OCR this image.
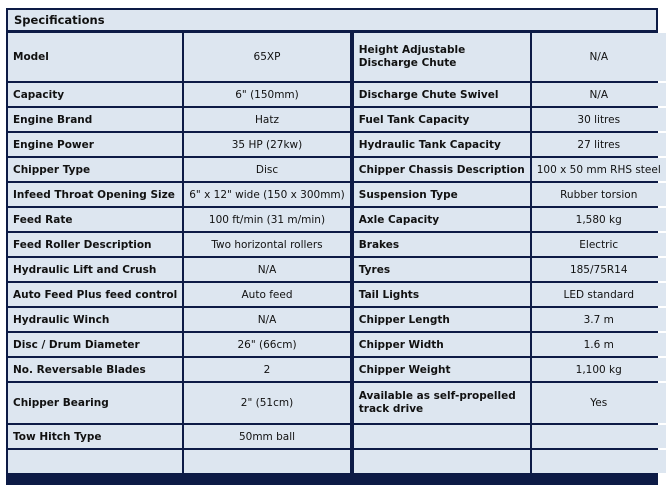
Specifications
Model	65XP		Height Adjustable Discharge Chute	N/A
Capacity	6" (150mm)		Discharge Chute Swivel	N/A
Engine Brand	Hatz		Fuel Tank Capacity	30 litres
Engine Power	35 HP (27kw)		Hydraulic Tank Capacity	27 litres
Chipper Type	Disc		Chipper Chassis Description	100 x 50 mm RHS steel
Infeed Throat Opening Size	6" x 12" wide (150 x 300mm)		Suspension Type	Rubber torsion
Feed Rate	100 ft/min (31 m/min)		Axle Capacity	1,580 kg
Feed Roller Description	Two horizontal rollers		Brakes	Electric
Hydraulic Lift and Crush	N/A		Tyres	185/75R14
Auto Feed Plus feed control	Auto feed		Tail Lights	LED standard
Hydraulic Winch	N/A		Chipper Length	3.7 m
Disc / Drum Diameter	26" (66cm)		Chipper Width	1.6 m
No. Reversable Blades	2		Chipper Weight	1,100 kg
Chipper Bearing	2" (51cm)		Available as self-propelled track drive	Yes
Tow Hitch Type	50mm ball			
